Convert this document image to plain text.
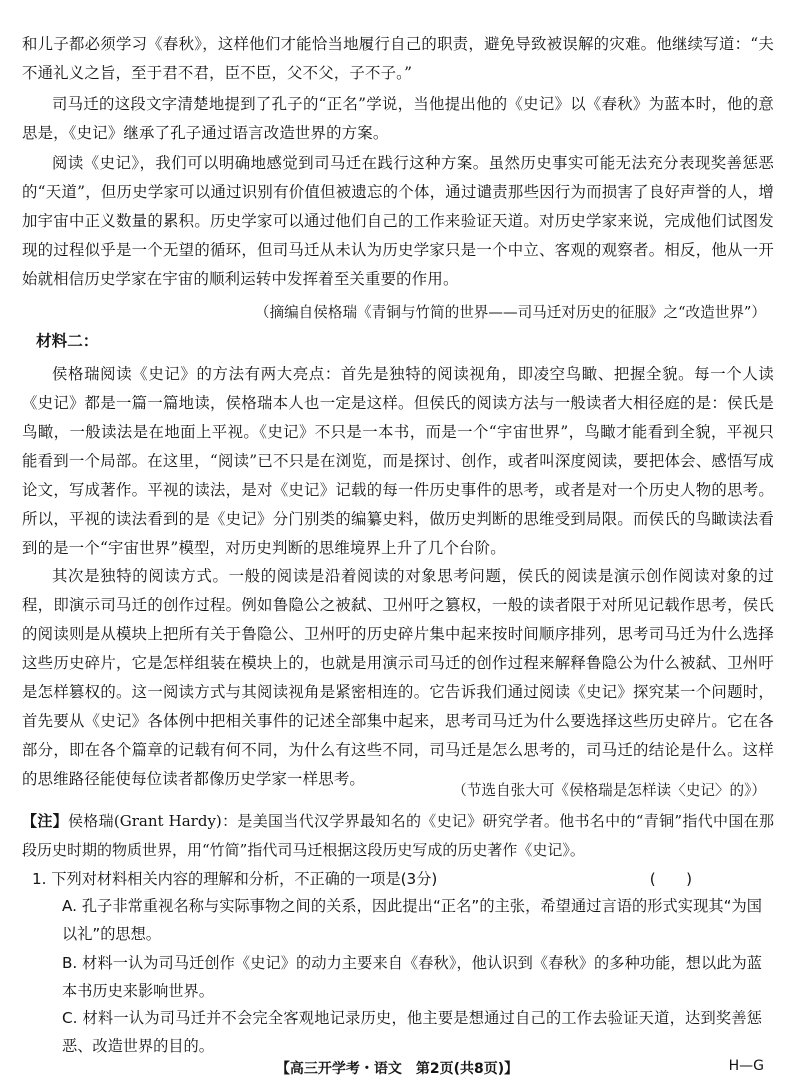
和儿子都必须学习《春秋》，这样他们才能恰当地履行自己的职责，避免导致被误解的灾难。他继续写道：“夫不通礼义之旨，至于君不君，臣不臣，父不父，子不子。”
司马迁的这段文字清楚地提到了孔子的“正名”学说，当他提出他的《史记》以《春秋》为蓝本时，他的意思是，《史记》继承了孔子通过语言改造世界的方案。
阅读《史记》，我们可以明确地感觉到司马迁在践行这种方案。虽然历史事实可能无法充分表现奖善惩恶的“天道”，但历史学家可以通过识别有价值但被遗忘的个体，通过谴责那些因行为而损害了良好声誉的人，增加宇宙中正义数量的累积。历史学家可以通过他们自己的工作来验证天道。对历史学家来说，完成他们试图发现的过程似乎是一个无望的循环，但司马迁从未认为历史学家只是一个中立、客观的观察者。相反，他从一开始就相信历史学家在宇宙的顺利运转中发挥着至关重要的作用。
（摘编自侯格瑞《青铜与竹简的世界——司马迁对历史的征服》之“改造世界”）
材料二：
侯格瑞阅读《史记》的方法有两大亮点：首先是独特的阅读视角，即凌空鸟瞰、把握全貌。每一个人读《史记》都是一篇一篇地读，侯格瑞本人也一定是这样。但侯氏的阅读方法与一般读者大相径庭的是：侯氏是鸟瞰，一般读法是在地面上平视。《史记》不只是一本书，而是一个“宇宙世界”，鸟瞰才能看到全貌，平视只能看到一个局部。在这里，“阅读”已不只是在浏览，而是探讨、创作，或者叫深度阅读，要把体会、感悟写成论文，写成著作。平视的读法，是对《史记》记载的每一件历史事件的思考，或者是对一个历史人物的思考。所以，平视的读法看到的是《史记》分门别类的编纂史料，做历史判断的思维受到局限。而侯氏的鸟瞰读法看到的是一个“宇宙世界”模型，对历史判断的思维境界上升了几个台阶。
其次是独特的阅读方式。一般的阅读是沿着阅读的对象思考问题，侯氏的阅读是演示创作阅读对象的过程，即演示司马迁的创作过程。例如鲁隐公之被弑、卫州吁之篡权，一般的读者限于对所见记载作思考，侯氏的阅读则是从模块上把所有关于鲁隐公、卫州吁的历史碎片集中起来按时间顺序排列，思考司马迁为什么选择这些历史碎片，它是怎样组装在模块上的，也就是用演示司马迁的创作过程来解释鲁隐公为什么被弑、卫州吁是怎样篡权的。这一阅读方式与其阅读视角是紧密相连的。它告诉我们通过阅读《史记》探究某一个问题时，首先要从《史记》各体例中把相关事件的记述全部集中起来，思考司马迁为什么要选择这些历史碎片。它在各部分，即在各个篇章的记载有何不同，为什么有这些不同，司马迁是怎么思考的，司马迁的结论是什么。这样的思维路径能使每位读者都像历史学家一样思考。
（节选自张大可《侯格瑞是怎样读〈史记〉的》）
【注】侯格瑞(Grant Hardy)：是美国当代汉学界最知名的《史记》研究学者。他书名中的“青铜”指代中国在那段历史时期的物质世界，用“竹简”指代司马迁根据这段历史写成的历史著作《史记》。
1. 下列对材料相关内容的理解和分析，不正确的一项是(3分)	(　　)
A. 孔子非常重视名称与实际事物之间的关系，因此提出“正名”的主张，希望通过言语的形式实现其“为国以礼”的思想。
B. 材料一认为司马迁创作《史记》的动力主要来自《春秋》，他认识到《春秋》的多种功能，想以此为蓝本书历史来影响世界。
C. 材料一认为司马迁并不会完全客观地记录历史，他主要是想通过自己的工作去验证天道，达到奖善惩恶、改造世界的目的。
【高三开学考・语文　第2页(共8页)】	H—G
